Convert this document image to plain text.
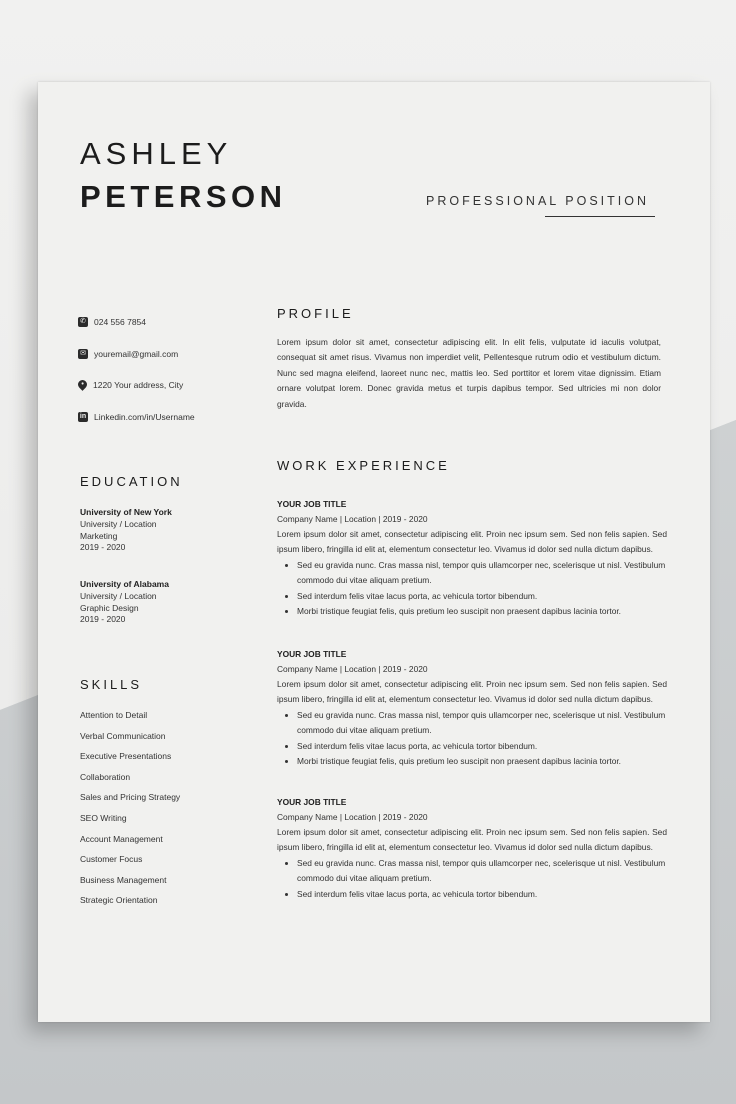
ASHLEY
PETERSON	PROFESSIONAL POSITION
✆ 024 556 7854
✉ youremail@gmail.com
•	1220 Your address, City
in Linkedin.com/in/Username
EDUCATION
University of New York
University / Location
Marketing
2019 - 2020
University of Alabama
University / Location
Graphic Design
2019 - 2020
SKILLS
Attention to Detail
Verbal Communication
Executive Presentations
Collaboration
Sales and Pricing Strategy
SEO Writing
Account Management
Customer Focus
Business Management
Strategic Orientation
PROFILE

Lorem ipsum dolor sit amet, consectetur adipiscing elit. In elit felis, vulputate id iaculis volutpat, consequat sit amet risus. Vivamus non imperdiet velit, Pellentesque rutrum odio et vestibulum dictum. Nunc sed magna eleifend, laoreet nunc nec, mattis leo. Sed porttitor et lorem vitae dignissim. Etiam ornare volutpat lorem. Donec gravida metus et turpis dapibus tempor. Sed ultricies mi non dolor gravida.

WORK EXPERIENCE
YOUR JOB TITLE
Company Name | Location | 2019 - 2020

Lorem ipsum dolor sit amet, consectetur adipiscing elit. Proin nec ipsum sem. Sed non felis sapien. Sed ipsum libero, fringilla id elit at, elementum consectetur leo. Vivamus id dolor sed nulla dictum dapibus.

• Sed eu gravida nunc. Cras massa nisl, tempor quis ullamcorper nec, scelerisque ut nisl. Vestibulum commodo dui vitae aliquam pretium.
• Sed interdum felis vitae lacus porta, ac vehicula tortor bibendum.
• Morbi tristique feugiat felis, quis pretium leo suscipit non praesent dapibus lacinia tortor.
YOUR JOB TITLE
Company Name | Location | 2019 - 2020

Lorem ipsum dolor sit amet, consectetur adipiscing elit. Proin nec ipsum sem. Sed non felis sapien. Sed ipsum libero, fringilla id elit at, elementum consectetur leo. Vivamus id dolor sed nulla dictum dapibus.

• Sed eu gravida nunc. Cras massa nisl, tempor quis ullamcorper nec, scelerisque ut nisl. Vestibulum commodo dui vitae aliquam pretium.
• Sed interdum felis vitae lacus porta, ac vehicula tortor bibendum.
• Morbi tristique feugiat felis, quis pretium leo suscipit non praesent dapibus lacinia tortor.
YOUR JOB TITLE
Company Name | Location | 2019 - 2020

Lorem ipsum dolor sit amet, consectetur adipiscing elit. Proin nec ipsum sem. Sed non felis sapien. Sed ipsum libero, fringilla id elit at, elementum consectetur leo. Vivamus id dolor sed nulla dictum dapibus.

• Sed eu gravida nunc. Cras massa nisl, tempor quis ullamcorper nec, scelerisque ut nisl. Vestibulum commodo dui vitae aliquam pretium.
• Sed interdum felis vitae lacus porta, ac vehicula tortor bibendum.
